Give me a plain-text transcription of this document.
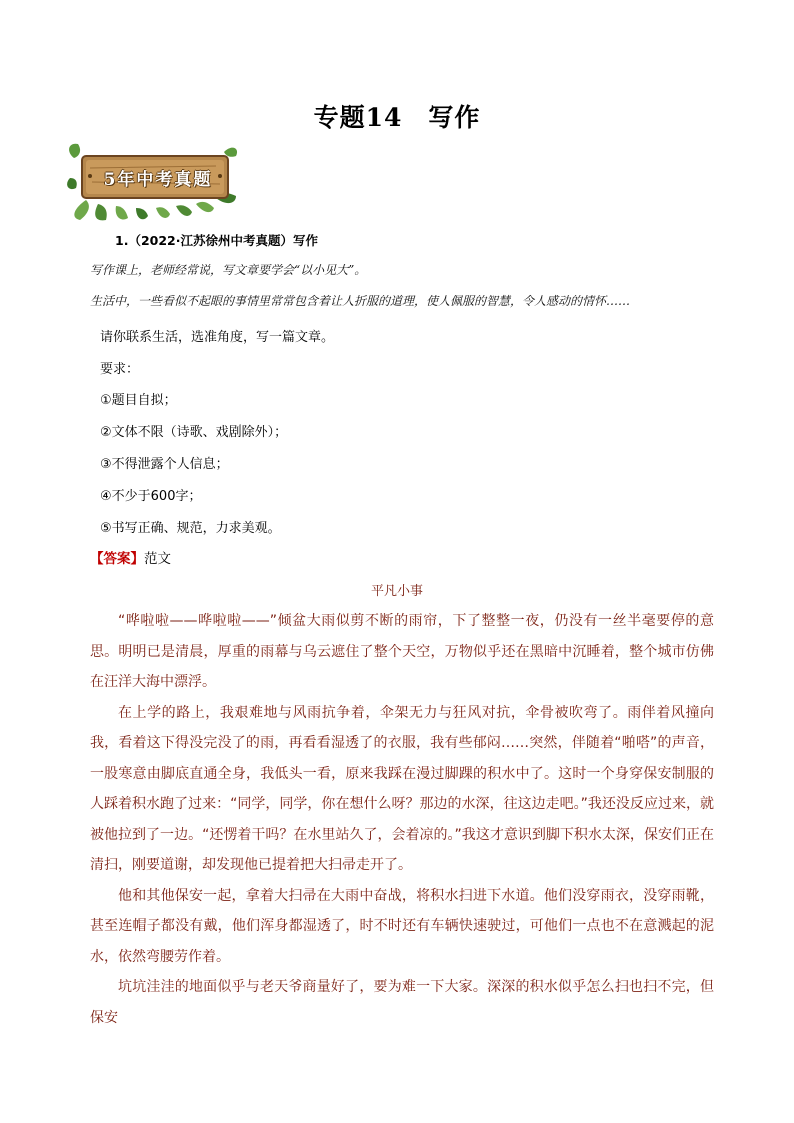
专题14　写作
5年中考真题
1.（2022·江苏徐州中考真题）写作
写作课上，老师经常说，写文章要学会“以小见大”。
生活中，一些看似不起眼的事情里常常包含着让人折服的道理，使人佩服的智慧，令人感动的情怀……
请你联系生活，选准角度，写一篇文章。
要求：
①题目自拟；
②文体不限（诗歌、戏剧除外）；
③不得泄露个人信息；
④不少于600字；
⑤书写正确、规范，力求美观。
【答案】范文
平凡小事

“哗啦啦——哗啦啦——”倾盆大雨似剪不断的雨帘，下了整整一夜，仍没有一丝半毫要停的意思。明明已是清晨，厚重的雨幕与乌云遮住了整个天空，万物似乎还在黑暗中沉睡着，整个城市仿佛在汪洋大海中漂浮。

在上学的路上，我艰难地与风雨抗争着，伞架无力与狂风对抗，伞骨被吹弯了。雨伴着风撞向我，看着这下得没完没了的雨，再看看湿透了的衣服，我有些郁闷……突然，伴随着“啪嗒”的声音，一股寒意由脚底直通全身，我低头一看，原来我踩在漫过脚踝的积水中了。这时一个身穿保安制服的人踩着积水跑了过来：“同学，同学，你在想什么呀？那边的水深，往这边走吧。”我还没反应过来，就被他拉到了一边。“还愣着干吗？在水里站久了，会着凉的。”我这才意识到脚下积水太深，保安们正在清扫，刚要道谢，却发现他已提着把大扫帚走开了。

他和其他保安一起，拿着大扫帚在大雨中奋战，将积水扫进下水道。他们没穿雨衣，没穿雨靴，甚至连帽子都没有戴，他们浑身都湿透了，时不时还有车辆快速驶过，可他们一点也不在意溅起的泥水，依然弯腰劳作着。

坑坑洼洼的地面似乎与老天爷商量好了，要为难一下大家。深深的积水似乎怎么扫也扫不完，但保安
